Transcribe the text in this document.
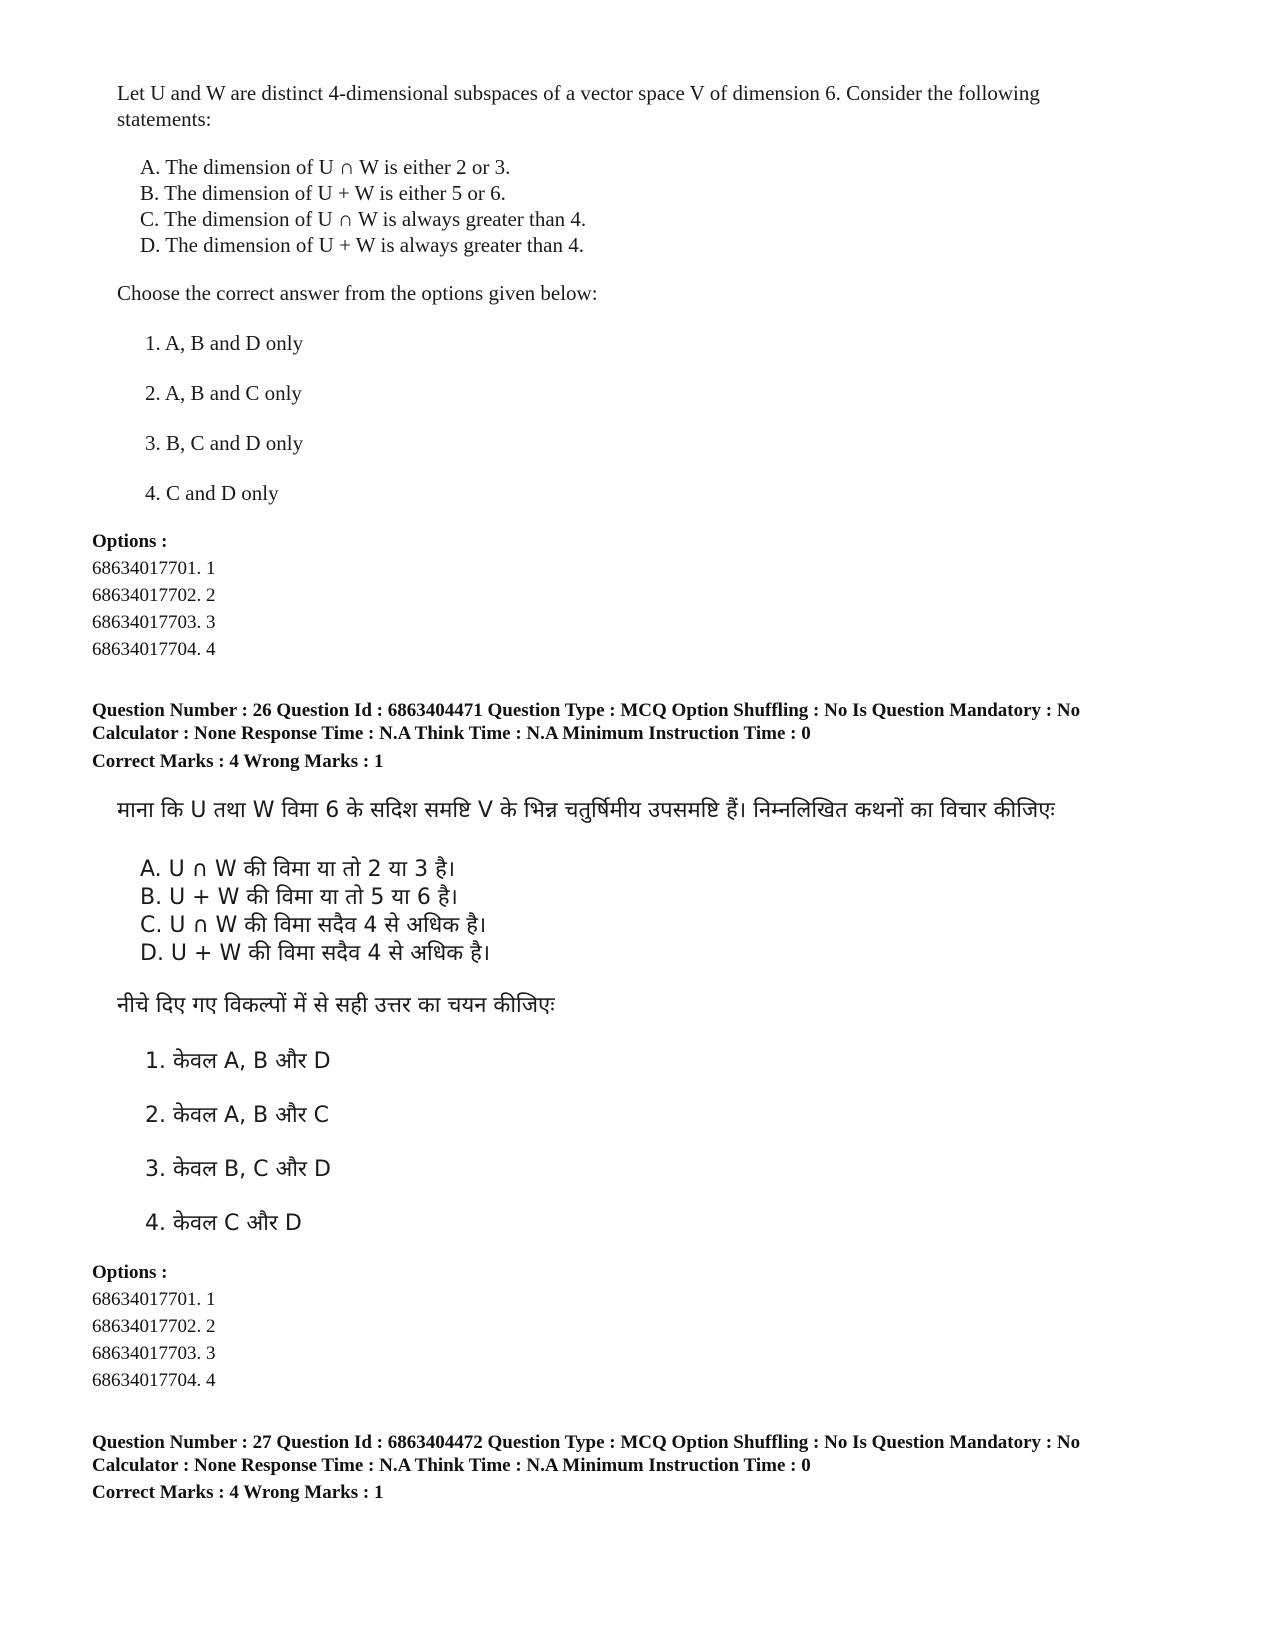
Let U and W are distinct 4-dimensional subspaces of a vector space V of dimension 6. Consider the following
statements:
A. The dimension of U ∩ W is either 2 or 3.
B. The dimension of U + W is either 5 or 6.
C. The dimension of U ∩ W is always greater than 4.
D. The dimension of U + W is always greater than 4.
Choose the correct answer from the options given below:
1. A, B and D only
2. A, B and C only
3. B, C and D only
4. C and D only
Options :
68634017701. 1
68634017702. 2
68634017703. 3
68634017704. 4
Question Number : 26 Question Id : 6863404471 Question Type : MCQ Option Shuffling : No Is Question Mandatory : No
Calculator : None Response Time : N.A Think Time : N.A Minimum Instruction Time : 0
Correct Marks : 4 Wrong Marks : 1
माना कि U तथा W विमा 6 के सदिश समष्टि V के भिन्न चतुर्षिमीय उपसमष्टि हैं। निम्नलिखित कथनों का विचार कीजिएः
A. U ∩ W की विमा या तो 2 या 3 है।
B. U + W की विमा या तो 5 या 6 है।
C. U ∩ W की विमा सदैव 4 से अधिक है।
D. U + W की विमा सदैव 4 से अधिक है।
नीचे दिए गए विकल्पों में से सही उत्तर का चयन कीजिएः
1. केवल A, B और D
2. केवल A, B और C
3. केवल B, C और D
4. केवल C और D
Options :
68634017701. 1
68634017702. 2
68634017703. 3
68634017704. 4
Question Number : 27 Question Id : 6863404472 Question Type : MCQ Option Shuffling : No Is Question Mandatory : No
Calculator : None Response Time : N.A Think Time : N.A Minimum Instruction Time : 0
Correct Marks : 4 Wrong Marks : 1
